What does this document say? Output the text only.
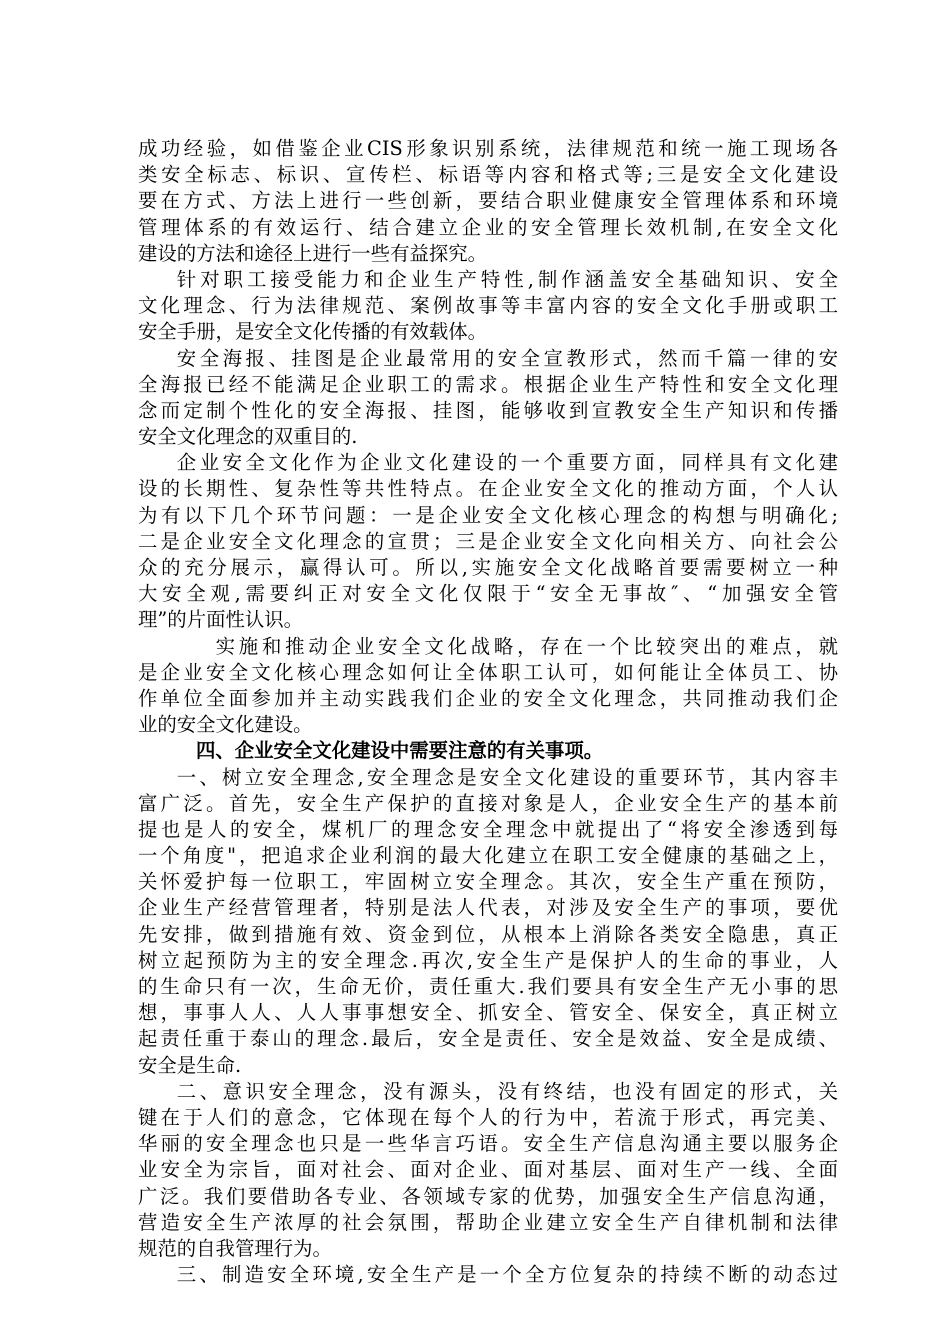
成功经验，如借鉴企业CIS形象识别系统，法律规范和统一施工现场各
类安全标志、标识、宣传栏、标语等内容和格式等;三是安全文化建设
要在方式、方法上进行一些创新，要结合职业健康安全管理体系和环境
管理体系的有效运行、结合建立企业的安全管理长效机制,在安全文化
建设的方法和途径上进行一些有益探究。
针对职工接受能力和企业生产特性,制作涵盖安全基础知识、安全
文化理念、行为法律规范、案例故事等丰富内容的安全文化手册或职工
安全手册，是安全文化传播的有效载体。
安全海报、挂图是企业最常用的安全宣教形式，然而千篇一律的安
全海报已经不能满足企业职工的需求。根据企业生产特性和安全文化理
念而定制个性化的安全海报、挂图，能够收到宣教安全生产知识和传播
安全文化理念的双重目的.
企业安全文化作为企业文化建设的一个重要方面，同样具有文化建
设的长期性、复杂性等共性特点。在企业安全文化的推动方面，个人认
为有以下几个环节问题：一是企业安全文化核心理念的构想与明确化;
二是企业安全文化理念的宣贯；三是企业安全文化向相关方、向社会公
众的充分展示，赢得认可。所以,实施安全文化战略首要需要树立一种
大安全观,需要纠正对安全文化仅限于“安全无事故″、“加强安全管
理”的片面性认识。
实施和推动企业安全文化战略，存在一个比较突出的难点，就
是企业安全文化核心理念如何让全体职工认可，如何能让全体员工、协
作单位全面参加并主动实践我们企业的安全文化理念，共同推动我们企
业的安全文化建设。
四、企业安全文化建设中需要注意的有关事项。
一、树立安全理念,安全理念是安全文化建设的重要环节，其内容丰
富广泛。首先，安全生产保护的直接对象是人，企业安全生产的基本前
提也是人的安全，煤机厂的理念安全理念中就提出了“将安全渗透到每
一个角度"，把追求企业利润的最大化建立在职工安全健康的基础之上，
关怀爱护每一位职工，牢固树立安全理念。其次，安全生产重在预防，
企业生产经营管理者，特别是法人代表，对涉及安全生产的事项，要优
先安排，做到措施有效、资金到位，从根本上消除各类安全隐患，真正
树立起预防为主的安全理念.再次,安全生产是保护人的生命的事业，人
的生命只有一次，生命无价，责任重大.我们要具有安全生产无小事的思
想，事事人人、人人事事想安全、抓安全、管安全、保安全，真正树立
起责任重于泰山的理念.最后，安全是责任、安全是效益、安全是成绩、
安全是生命.
二、意识安全理念，没有源头，没有终结，也没有固定的形式，关
键在于人们的意念，它体现在每个人的行为中，若流于形式，再完美、
华丽的安全理念也只是一些华言巧语。安全生产信息沟通主要以服务企
业安全为宗旨，面对社会、面对企业、面对基层、面对生产一线、全面
广泛。我们要借助各专业、各领域专家的优势，加强安全生产信息沟通，
营造安全生产浓厚的社会氛围，帮助企业建立安全生产自律机制和法律
规范的自我管理行为。
三、制造安全环境,安全生产是一个全方位复杂的持续不断的动态过
